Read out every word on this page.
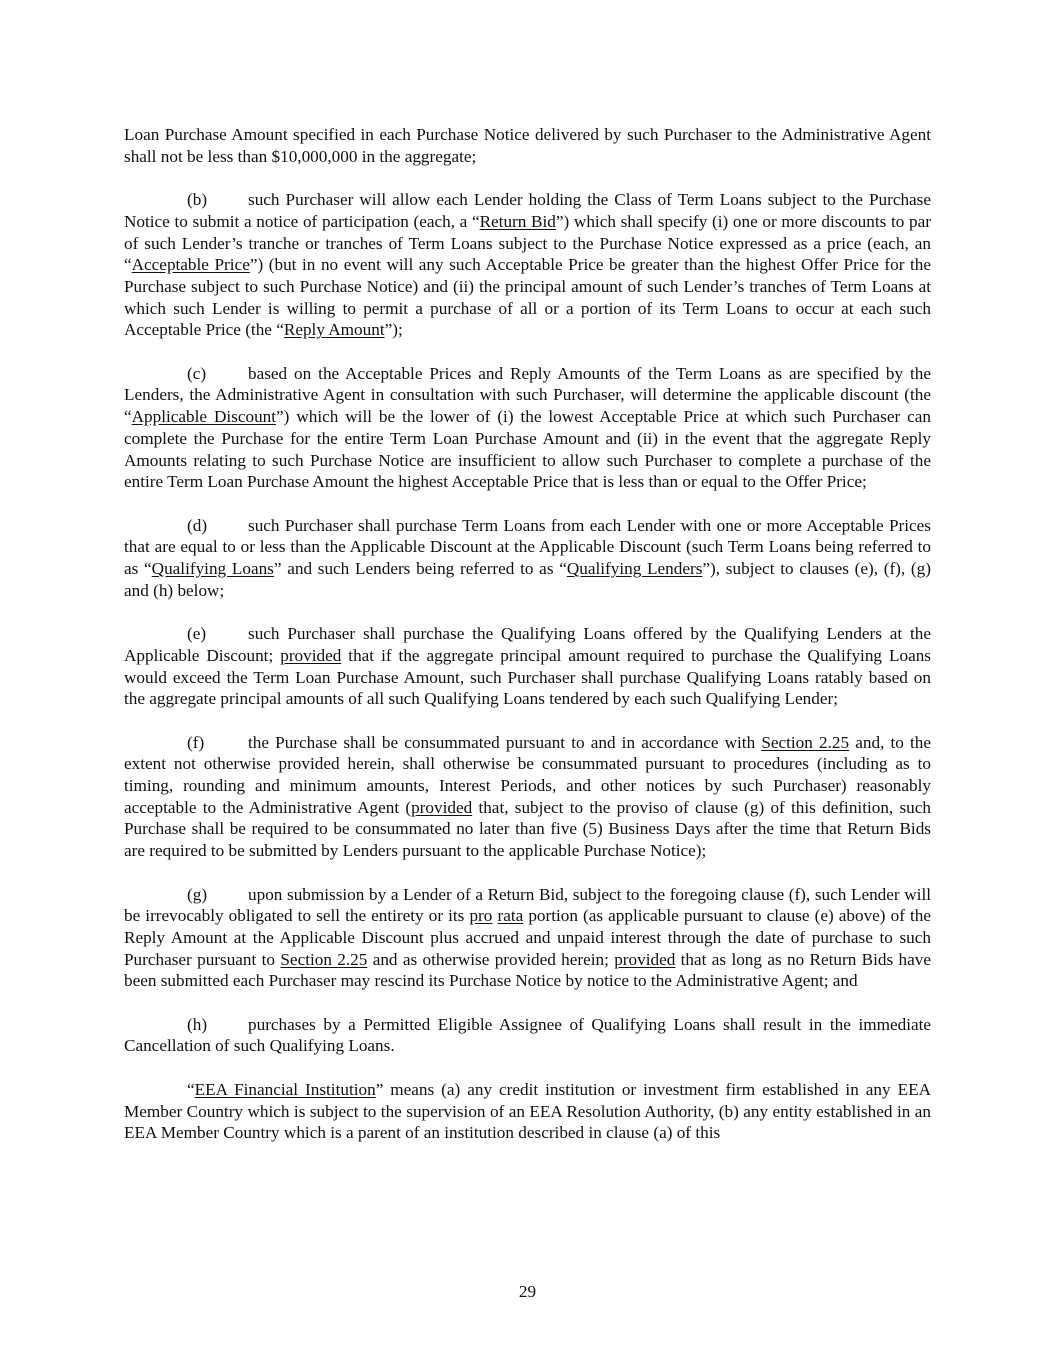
Loan Purchase Amount specified in each Purchase Notice delivered by such Purchaser to the Administrative Agent shall not be less than $10,000,000 in the aggregate;

(b) such Purchaser will allow each Lender holding the Class of Term Loans subject to the Purchase Notice to submit a notice of participation (each, a “Return Bid”) which shall specify (i) one or more discounts to par of such Lender’s tranche or tranches of Term Loans subject to the Purchase Notice expressed as a price (each, an “Acceptable Price”) (but in no event will any such Acceptable Price be greater than the highest Offer Price for the Purchase subject to such Purchase Notice) and (ii) the principal amount of such Lender’s tranches of Term Loans at which such Lender is willing to permit a purchase of all or a portion of its Term Loans to occur at each such Acceptable Price (the “Reply Amount”);

(c) based on the Acceptable Prices and Reply Amounts of the Term Loans as are specified by the Lenders, the Administrative Agent in consultation with such Purchaser, will determine the applicable discount (the “Applicable Discount”) which will be the lower of (i) the lowest Acceptable Price at which such Purchaser can complete the Purchase for the entire Term Loan Purchase Amount and (ii) in the event that the aggregate Reply Amounts relating to such Purchase Notice are insufficient to allow such Purchaser to complete a purchase of the entire Term Loan Purchase Amount the highest Acceptable Price that is less than or equal to the Offer Price;

(d) such Purchaser shall purchase Term Loans from each Lender with one or more Acceptable Prices that are equal to or less than the Applicable Discount at the Applicable Discount (such Term Loans being referred to as “Qualifying Loans” and such Lenders being referred to as “Qualifying Lenders”), subject to clauses (e), (f), (g) and (h) below;

(e) such Purchaser shall purchase the Qualifying Loans offered by the Qualifying Lenders at the Applicable Discount; provided that if the aggregate principal amount required to purchase the Qualifying Loans would exceed the Term Loan Purchase Amount, such Purchaser shall purchase Qualifying Loans ratably based on the aggregate principal amounts of all such Qualifying Loans tendered by each such Qualifying Lender;

(f)	the Purchase shall be consummated pursuant to and in accordance with Section 2.25 and, to the extent not otherwise provided herein, shall otherwise be consummated pursuant to procedures (including as to timing, rounding and minimum amounts, Interest Periods, and other notices by such Purchaser) reasonably acceptable to the Administrative Agent (provided that, subject to the proviso of clause (g) of this definition, such Purchase shall be required to be consummated no later than five (5) Business Days after the time that Return Bids are required to be submitted by Lenders pursuant to the applicable Purchase Notice);

(g) upon submission by a Lender of a Return Bid, subject to the foregoing clause (f), such Lender will be irrevocably obligated to sell the entirety or its pro rata portion (as applicable pursuant to clause (e) above) of the Reply Amount at the Applicable Discount plus accrued and unpaid interest through the date of purchase to such Purchaser pursuant to Section 2.25 and as otherwise provided herein; provided that as long as no Return Bids have been submitted each Purchaser may rescind its Purchase Notice by notice to the Administrative Agent; and

(h) purchases by a Permitted Eligible Assignee of Qualifying Loans shall result in the immediate Cancellation of such Qualifying Loans.

“EEA Financial Institution” means (a) any credit institution or investment firm established in any EEA Member Country which is subject to the supervision of an EEA Resolution Authority, (b) any entity established in an EEA Member Country which is a parent of an institution described in clause (a) of this

29
